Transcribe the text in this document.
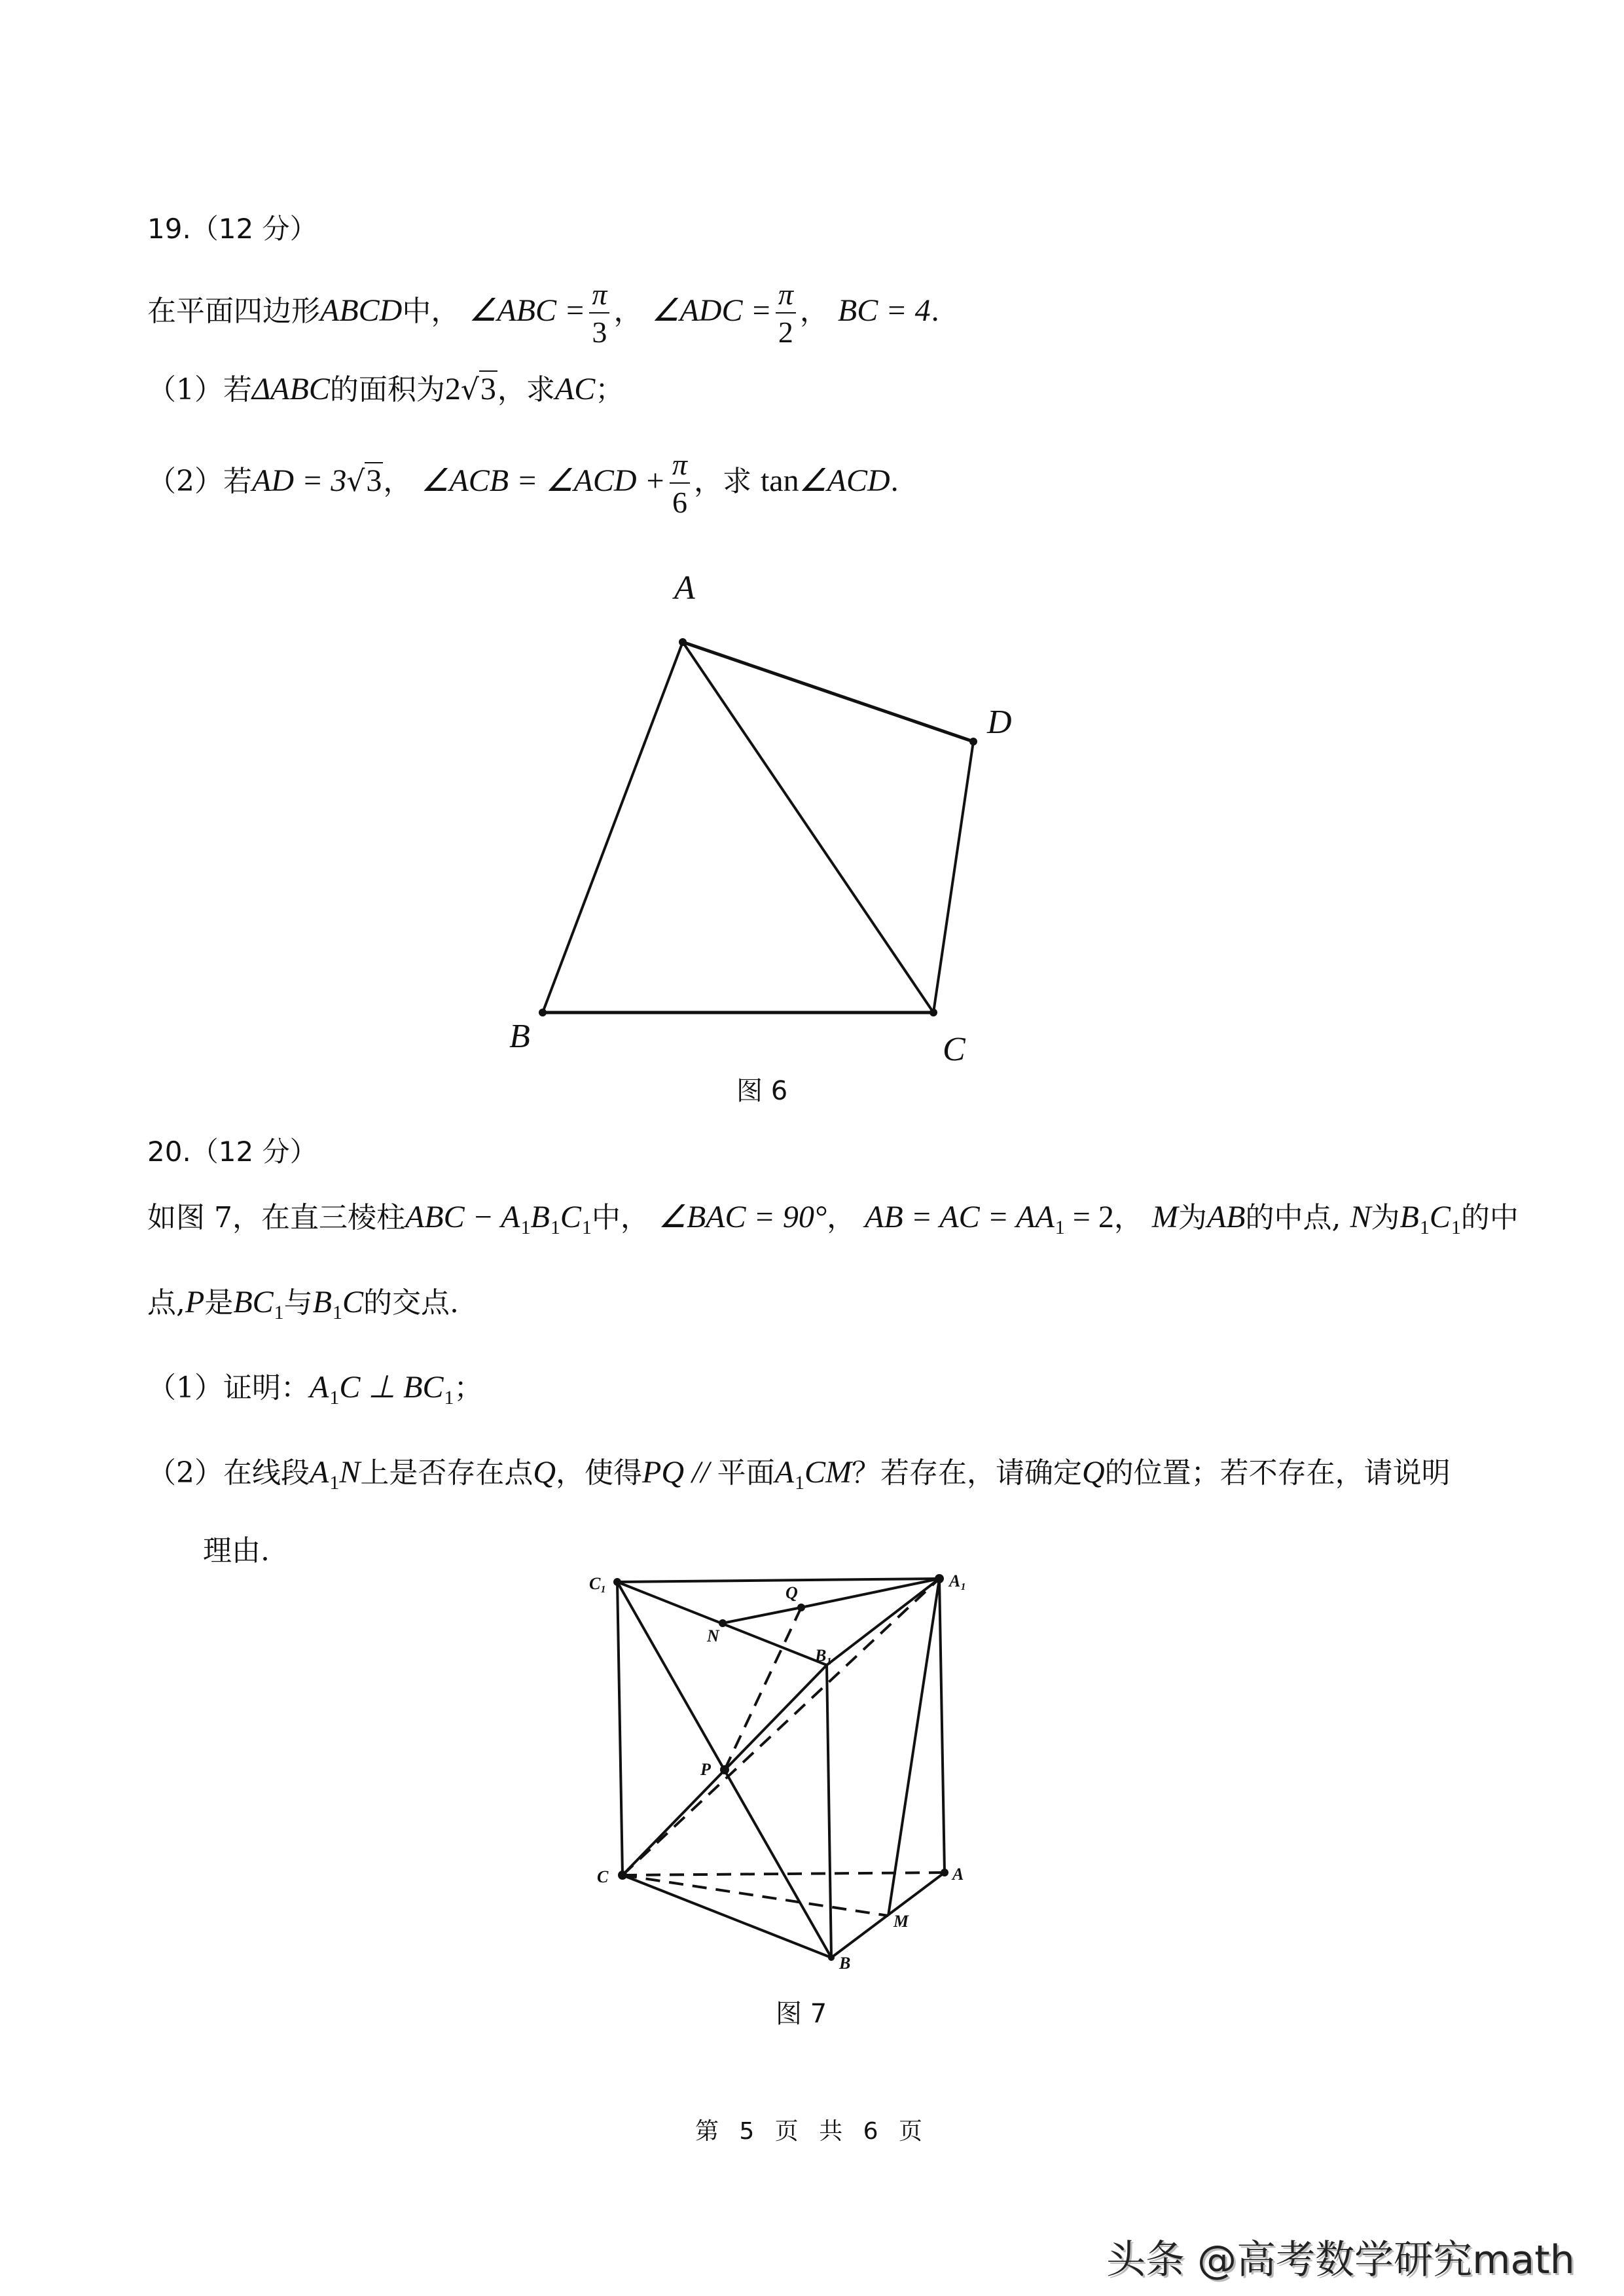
19.（12 分）
在平面四边形ABCD中， ∠ABC = $\frac{\pi}{3}$ ， ∠ADC = $\frac{\pi}{2}$ ， BC = 4.
（1）若ΔABC的面积为2√3，求AC；
（2）若AD = 3√3， ∠ACB = ∠ACD + $\frac{\pi}{6}$ ，求 tan∠ACD.
A
D
B	C
C₁	A₁
Q
N
B₁
P
C	A
M
B
图 6
20.（12 分）
如图 7，在直三棱柱ABC − $A_1B_1C_1$中， ∠BAC = 90°， AB = AC = $AA_1 = 2$， M为AB的中点, N为$B_1C_1$的中
点,P是$BC_1$与$B_1C$的交点.
（1）证明：$A_1C$ ⊥ $BC_1$；
（2）在线段$A_1N$上是否存在点Q，使得PQ // 平面$A_1CM$？若存在，请确定Q的位置；若不存在，请说明
理由.
图 7
第 5 页 共 6 页
头条 @高考数学研究math
